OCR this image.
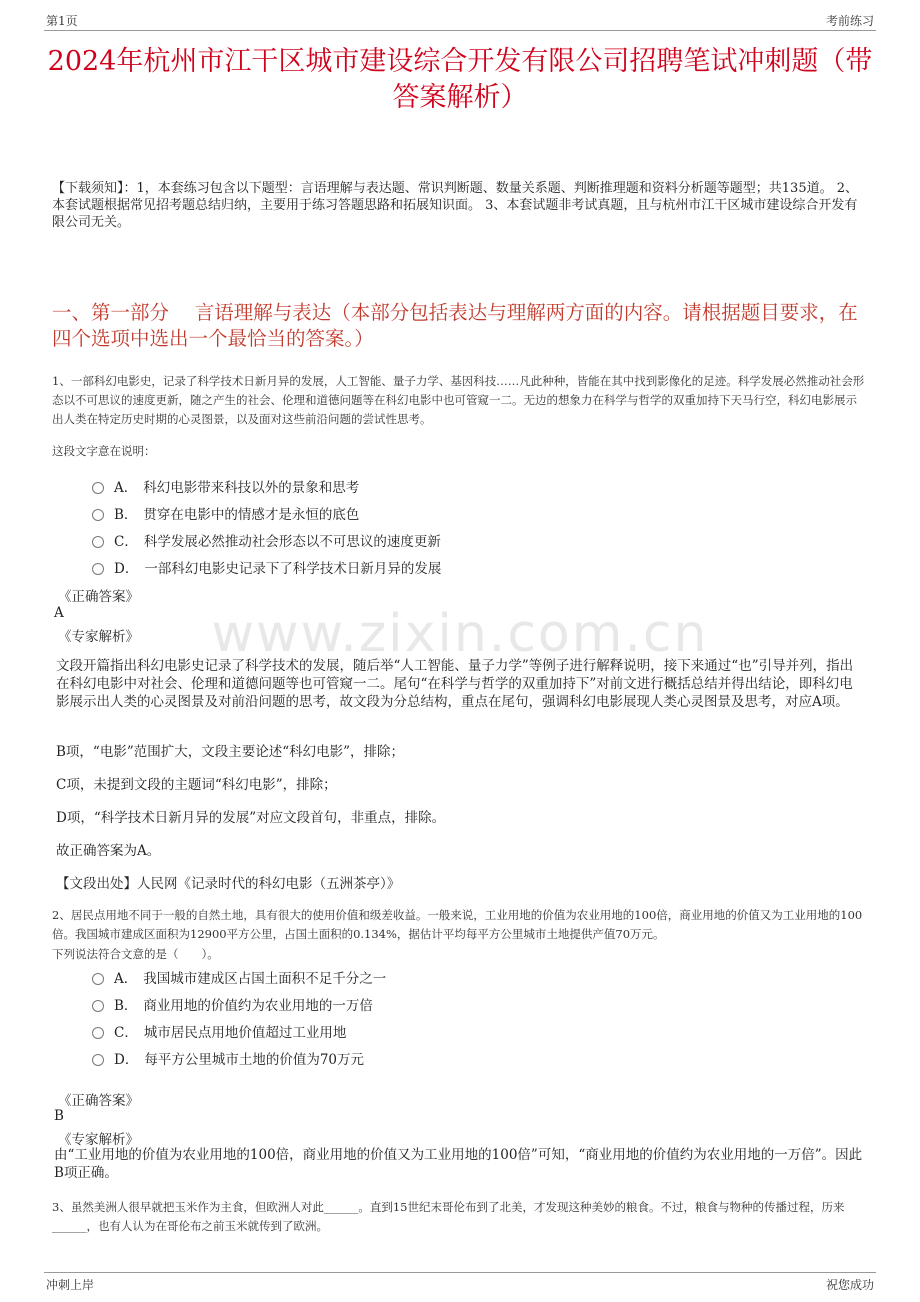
第1页	考前练习
www.zixin.com.cn
2024年杭州市江干区城市建设综合开发有限公司招聘笔试冲刺题（带答案解析）
【下载须知】：1，本套练习包含以下题型：言语理解与表达题、常识判断题、数量关系题、判断推理题和资料分析题等题型；共135道。 2、本套试题根据常见招考题总结归纳，主要用于练习答题思路和拓展知识面。 3、本套试题非考试真题，且与杭州市江干区城市建设综合开发有限公司无关。
一、第一部分　 言语理解与表达（本部分包括表达与理解两方面的内容。请根据题目要求，在四个选项中选出一个最恰当的答案。）
1、一部科幻电影史，记录了科学技术日新月异的发展，人工智能、量子力学、基因科技……凡此种种，皆能在其中找到影像化的足迹。科学发展必然推动社会形态以不可思议的速度更新，随之产生的社会、伦理和道德问题等在科幻电影中也可管窥一二。无边的想象力在科学与哲学的双重加持下天马行空，科幻电影展示出人类在特定历史时期的心灵图景，以及面对这些前沿问题的尝试性思考。
这段文字意在说明：
A． 科幻电影带来科技以外的景象和思考
B． 贯穿在电影中的情感才是永恒的底色
C． 科学发展必然推动社会形态以不可思议的速度更新
D． 一部科幻电影史记录下了科学技术日新月异的发展
《正确答案》
A
《专家解析》
文段开篇指出科幻电影史记录了科学技术的发展，随后举“人工智能、量子力学”等例子进行解释说明，接下来通过“也”引导并列，指出在科幻电影中对社会、伦理和道德问题等也可管窥一二。尾句“在科学与哲学的双重加持下”对前文进行概括总结并得出结论，即科幻电影展示出人类的心灵图景及对前沿问题的思考，故文段为分总结构，重点在尾句，强调科幻电影展现人类心灵图景及思考，对应A项。
B项，“电影”范围扩大，文段主要论述“科幻电影”，排除；
C项，未提到文段的主题词“科幻电影”，排除；
D项，“科学技术日新月异的发展”对应文段首句，非重点，排除。
故正确答案为A。
【文段出处】人民网《记录时代的科幻电影（五洲茶亭）》
2、居民点用地不同于一般的自然土地，具有很大的使用价值和级差收益。一般来说，工业用地的价值为农业用地的100倍，商业用地的价值又为工业用地的100倍。我国城市建成区面积为12900平方公里，占国土面积的0.134%，据估计平均每平方公里城市土地提供产值70万元。
下列说法符合文意的是（　　）。
A． 我国城市建成区占国土面积不足千分之一
B． 商业用地的价值约为农业用地的一万倍
C． 城市居民点用地价值超过工业用地
D． 每平方公里城市土地的价值为70万元
《正确答案》
B
《专家解析》
由“工业用地的价值为农业用地的100倍，商业用地的价值又为工业用地的100倍”可知，“商业用地的价值约为农业用地的一万倍”。因此B项正确。
3、虽然美洲人很早就把玉米作为主食，但欧洲人对此______。直到15世纪末哥伦布到了北美，才发现这种美妙的粮食。不过，粮食与物种的传播过程，历来______，也有人认为在哥伦布之前玉米就传到了欧洲。
冲刺上岸	祝您成功
